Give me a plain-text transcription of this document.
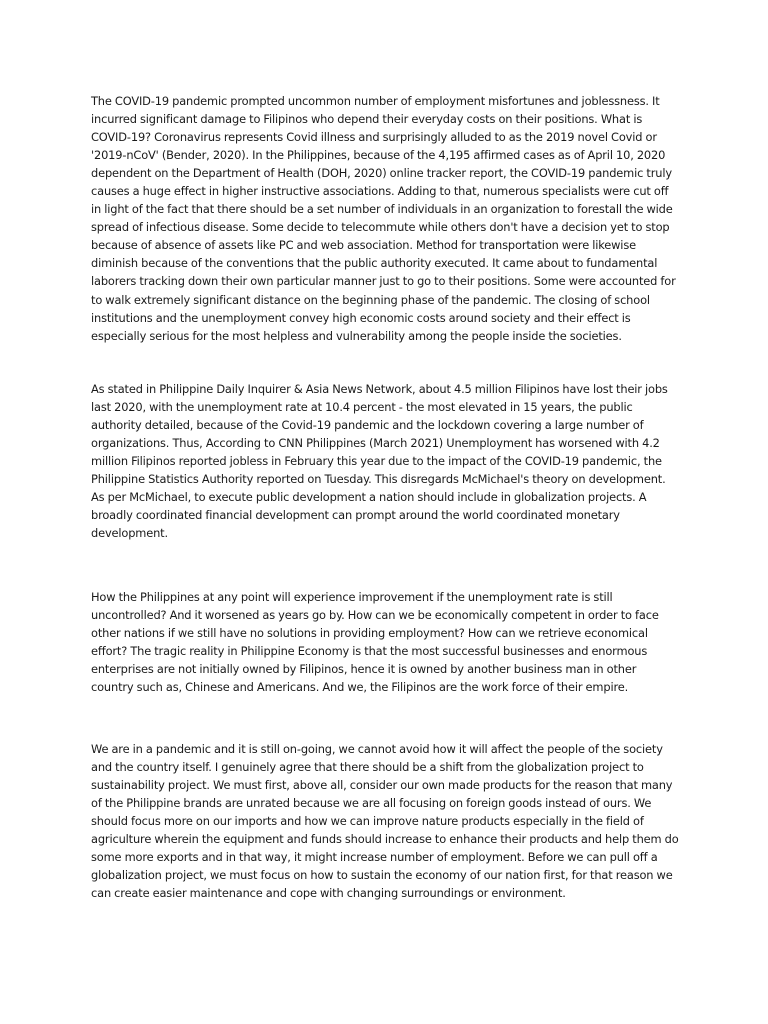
The COVID-19 pandemic prompted uncommon number of employment misfortunes and joblessness. It incurred significant damage to Filipinos who depend their everyday costs on their positions. What is COVID-19? Coronavirus represents Covid illness and surprisingly alluded to as the 2019 novel Covid or '2019-nCoV' (Bender, 2020). In the Philippines, because of the 4,195 affirmed cases as of April 10, 2020 dependent on the Department of Health (DOH, 2020) online tracker report, the COVID-19 pandemic truly causes a huge effect in higher instructive associations. Adding to that, numerous specialists were cut off in light of the fact that there should be a set number of individuals in an organization to forestall the wide spread of infectious disease. Some decide to telecommute while others don't have a decision yet to stop because of absence of assets like PC and web association. Method for transportation were likewise diminish because of the conventions that the public authority executed. It came about to fundamental laborers tracking down their own particular manner just to go to their positions. Some were accounted for to walk extremely significant distance on the beginning phase of the pandemic. The closing of school institutions and the unemployment convey high economic costs around society and their effect is especially serious for the most helpless and vulnerability among the people inside the societies.

As stated in Philippine Daily Inquirer & Asia News Network, about 4.5 million Filipinos have lost their jobs last 2020, with the unemployment rate at 10.4 percent - the most elevated in 15 years, the public authority detailed, because of the Covid-19 pandemic and the lockdown covering a large number of organizations. Thus, According to CNN Philippines (March 2021) Unemployment has worsened with 4.2 million Filipinos reported jobless in February this year due to the impact of the COVID-19 pandemic, the Philippine Statistics Authority reported on Tuesday. This disregards McMichael's theory on development. As per McMichael, to execute public development a nation should include in globalization projects. A broadly coordinated financial development can prompt around the world coordinated monetary development.

How the Philippines at any point will experience improvement if the unemployment rate is still uncontrolled? And it worsened as years go by. How can we be economically competent in order to face other nations if we still have no solutions in providing employment? How can we retrieve economical effort? The tragic reality in Philippine Economy is that the most successful businesses and enormous enterprises are not initially owned by Filipinos, hence it is owned by another business man in other country such as, Chinese and Americans. And we, the Filipinos are the work force of their empire.

We are in a pandemic and it is still on-going, we cannot avoid how it will affect the people of the society and the country itself. I genuinely agree that there should be a shift from the globalization project to sustainability project. We must first, above all, consider our own made products for the reason that many of the Philippine brands are unrated because we are all focusing on foreign goods instead of ours. We should focus more on our imports and how we can improve nature products especially in the field of agriculture wherein the equipment and funds should increase to enhance their products and help them do some more exports and in that way, it might increase number of employment. Before we can pull off a globalization project, we must focus on how to sustain the economy of our nation first, for that reason we can create easier maintenance and cope with changing surroundings or environment.
